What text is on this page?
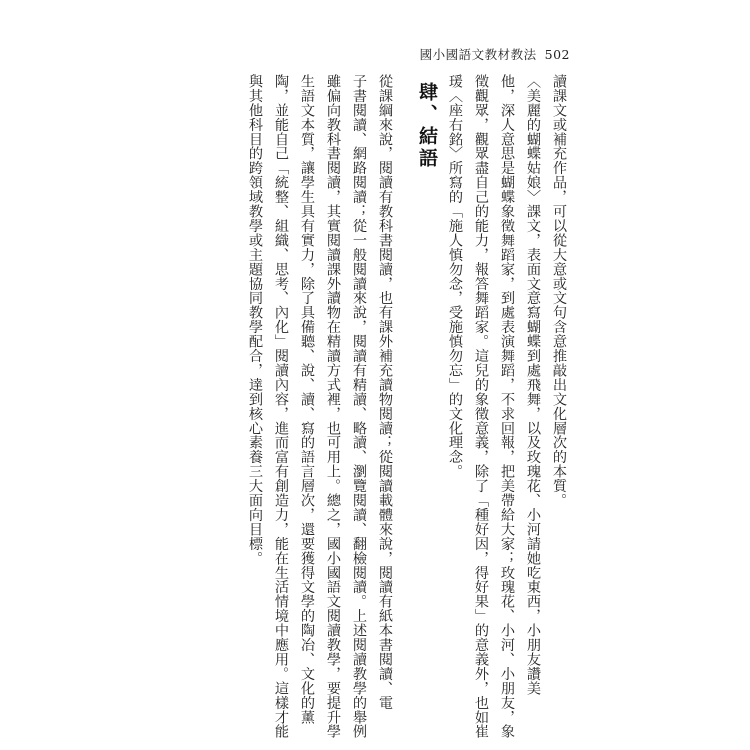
國小國語文教材教法 502
讀課文或補充作品，可以從大意或文句含意推敲出文化層次的本質。
〈美麗的蝴蝶姑娘〉課文，表面文意寫蝴蝶到處飛舞，以及玫瑰花、小河請她吃東西，小朋友讚美
他，深人意思是蝴蝶象徵舞蹈家，到處表演舞蹈，不求回報，把美帶給大家；玫瑰花、小河、小朋友，象
徵觀眾，觀眾盡自己的能力，報答舞蹈家。這兒的象徵意義，除了「種好因，得好果」的意義外，也如崔
瑗〈座右銘〉所寫的「施人慎勿念，受施慎勿忘」的文化理念。
肆、結語
從課綱來說，閱讀有教科書閱讀，也有課外補充讀物閱讀；從閱讀載體來說，閱讀有紙本書閱讀、電
子書閱讀、網路閱讀；從一般閱讀來說，閱讀有精讀、略讀、瀏覽閱讀、翻檢閱讀。上述閱讀教學的舉例
雖偏向教科書閱讀，其實閱讀課外讀物在精讀方式裡，也可用上。總之，國小國語文閱讀教學，要提升學
生語文本質，讓學生具有實力，除了具備聽、說、讀、寫的語言層次，還要獲得文學的陶冶、文化的薰
陶，並能自己「統整、組織、思考、內化」閱讀內容，進而富有創造力，能在生活情境中應用。這樣才能
與其他科目的跨領域教學或主題協同教學配合，達到核心素養三大面向目標。
